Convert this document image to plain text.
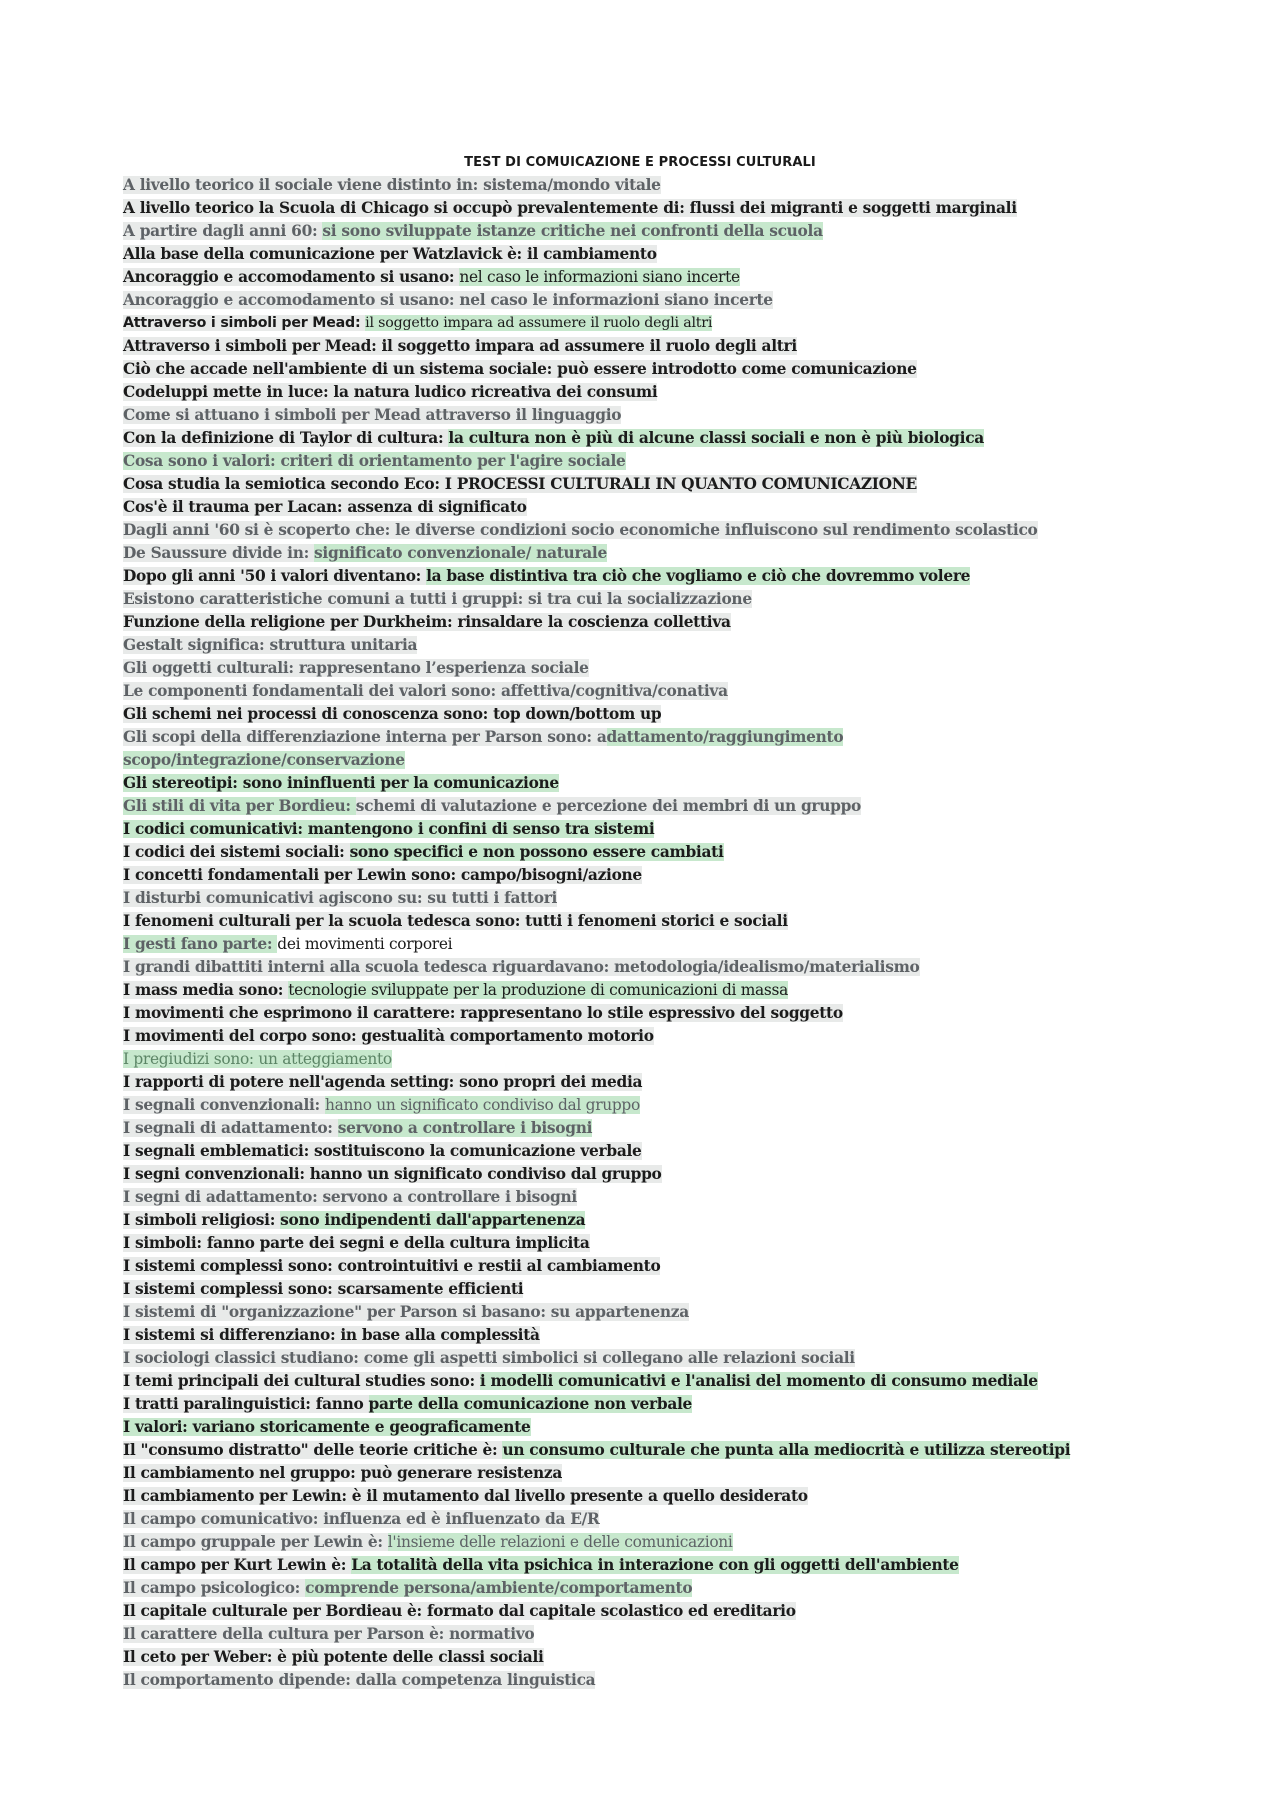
TEST DI COMUICAZIONE E PROCESSI CULTURALI
A livello teorico il sociale viene distinto in: sistema/mondo vitale
A livello teorico la Scuola di Chicago si occupò prevalentemente di: flussi dei migranti e soggetti marginali
A partire dagli anni 60: si sono sviluppate istanze critiche nei confronti della scuola
Alla base della comunicazione per Watzlavick è: il cambiamento
Ancoraggio e accomodamento si usano: nel caso le informazioni siano incerte
Ancoraggio e accomodamento si usano: nel caso le informazioni siano incerte
Attraverso i simboli per Mead: il soggetto impara ad assumere il ruolo degli altri
Attraverso i simboli per Mead: il soggetto impara ad assumere il ruolo degli altri
Ciò che accade nell'ambiente di un sistema sociale: può essere introdotto come comunicazione
Codeluppi mette in luce: la natura ludico ricreativa dei consumi
Come si attuano i simboli per Mead attraverso il linguaggio
Con la definizione di Taylor di cultura: la cultura non è più di alcune classi sociali e non è più biologica
Cosa sono i valori: criteri di orientamento per l'agire sociale
Cosa studia la semiotica secondo Eco: I PROCESSI CULTURALI IN QUANTO COMUNICAZIONE
Cos'è il trauma per Lacan: assenza di significato
Dagli anni '60 si è scoperto che: le diverse condizioni socio economiche influiscono sul rendimento scolastico
De Saussure divide in: significato convenzionale/ naturale
Dopo gli anni '50 i valori diventano: la base distintiva tra ciò che vogliamo e ciò che dovremmo volere
Esistono caratteristiche comuni a tutti i gruppi: si tra cui la socializzazione
Funzione della religione per Durkheim: rinsaldare la coscienza collettiva
Gestalt significa: struttura unitaria
Gli oggetti culturali: rappresentano l’esperienza sociale
Le componenti fondamentali dei valori sono: affettiva/cognitiva/conativa
Gli schemi nei processi di conoscenza sono: top down/bottom up
Gli scopi della differenziazione interna per Parson sono: adattamento/raggiungimento
scopo/integrazione/conservazione
Gli stereotipi: sono ininfluenti per la comunicazione
Gli stili di vita per Bordieu: schemi di valutazione e percezione dei membri di un gruppo
I codici comunicativi: mantengono i confini di senso tra sistemi
I codici dei sistemi sociali: sono specifici e non possono essere cambiati
I concetti fondamentali per Lewin sono: campo/bisogni/azione
I disturbi comunicativi agiscono su: su tutti i fattori
I fenomeni culturali per la scuola tedesca sono: tutti i fenomeni storici e sociali
I gesti fano parte: dei movimenti corporei
I grandi dibattiti interni alla scuola tedesca riguardavano: metodologia/idealismo/materialismo
I mass media sono: tecnologie sviluppate per la produzione di comunicazioni di massa
I movimenti che esprimono il carattere: rappresentano lo stile espressivo del soggetto
I movimenti del corpo sono: gestualità comportamento motorio
I pregiudizi sono: un atteggiamento
I rapporti di potere nell'agenda setting: sono propri dei media
I segnali convenzionali: hanno un significato condiviso dal gruppo
I segnali di adattamento: servono a controllare i bisogni
I segnali emblematici: sostituiscono la comunicazione verbale
I segni convenzionali: hanno un significato condiviso dal gruppo
I segni di adattamento: servono a controllare i bisogni
I simboli religiosi: sono indipendenti dall'appartenenza
I simboli: fanno parte dei segni e della cultura implicita
I sistemi complessi sono: controintuitivi e restii al cambiamento
I sistemi complessi sono: scarsamente efficienti
I sistemi di "organizzazione" per Parson si basano: su appartenenza
I sistemi si differenziano: in base alla complessità
I sociologi classici studiano: come gli aspetti simbolici si collegano alle relazioni sociali
I temi principali dei cultural studies sono: i modelli comunicativi e l'analisi del momento di consumo mediale
I tratti paralinguistici: fanno parte della comunicazione non verbale
I valori: variano storicamente e geograficamente
Il "consumo distratto" delle teorie critiche è: un consumo culturale che punta alla mediocrità e utilizza stereotipi
Il cambiamento nel gruppo: può generare resistenza
Il cambiamento per Lewin: è il mutamento dal livello presente a quello desiderato
Il campo comunicativo: influenza ed è influenzato da E/R
Il campo gruppale per Lewin è: l'insieme delle relazioni e delle comunicazioni
Il campo per Kurt Lewin è: La totalità della vita psichica in interazione con gli oggetti dell'ambiente
Il campo psicologico: comprende persona/ambiente/comportamento
Il capitale culturale per Bordieau è: formato dal capitale scolastico ed ereditario
Il carattere della cultura per Parson è: normativo
Il ceto per Weber: è più potente delle classi sociali
Il comportamento dipende: dalla competenza linguistica
